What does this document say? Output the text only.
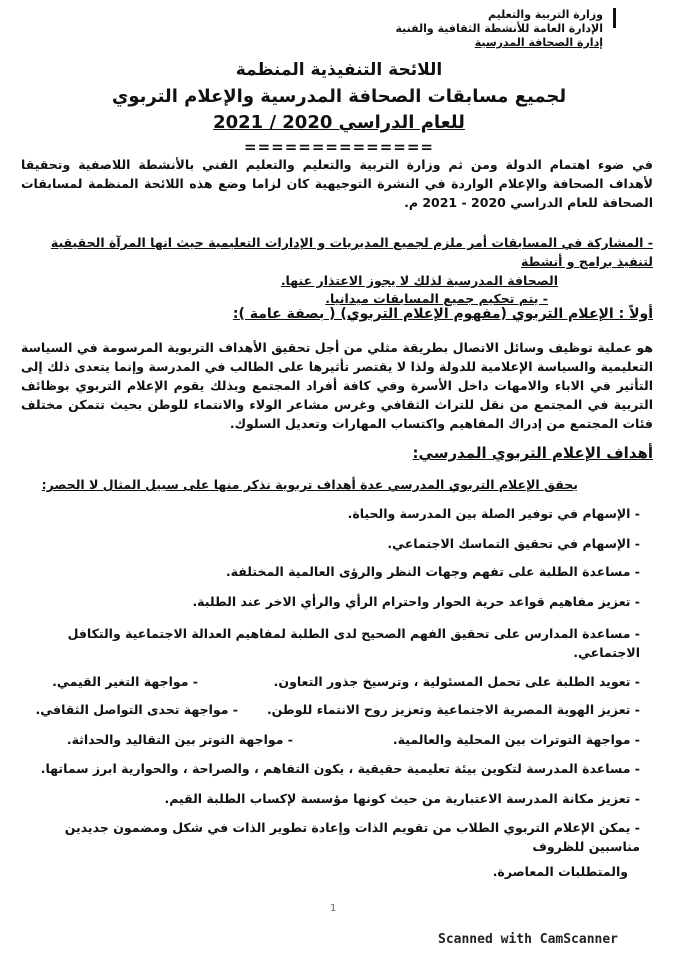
وزارة التربية والتعليم
الإدارة العامة للأنشطة الثقافية والفنية
إدارة الصحافة المدرسية
اللائحة التنفيذية المنظمة
لجميع مسابقات الصحافة المدرسية والإعلام التربوي
للعام الدراسي 2020 / 2021
==============
في ضوء اهتمام الدولة ومن ثم وزارة التربية والتعليم والتعليم الفني بالأنشطة اللاصفية وتحقيقا لأهداف الصحافة والإعلام الواردة في النشرة التوجيهية كان لزاما وضع هذه اللائحة المنظمة لمسابقات الصحافة للعام الدراسي 2020 - 2021 م.
- المشاركة في المسابقات أمر ملزم لجميع المديريات و الإدارات التعليمية حيث انها المرآة الحقيقية لتنفيذ برامج و أنشطة
الصحافة المدرسية لذلك لا يجوز الاعتذار عنها.
- يتم تحكيم جميع المسابقات ميدانيا.
أولاً : الإعلام التربوي (مفهوم الإعلام التربوي) ( بصفة عامة ):
هو عملية توظيف وسائل الاتصال بطريقة مثلي من أجل تحقيق الأهداف التربوية المرسومة في السياسة التعليمية والسياسة الإعلامية للدولة ولذا لا يقتصر تأثيرها على الطالب في المدرسة وإنما يتعدى ذلك إلى التأثير في الاباء والامهات داخل الأسرة وفي كافة أفراد المجتمع وبذلك يقوم الإعلام التربوي بوظائف التربية في المجتمع من نقل للتراث الثقافي وغرس مشاعر الولاء والانتماء للوطن بحيث تتمكن مختلف فئات المجتمع من إدراك المفاهيم واكتساب المهارات وتعديل السلوك.
أهداف الإعلام التربوي المدرسي:
يحقق الإعلام التربوي المدرسي عدة أهداف تربوية نذكر منها على سبيل المثال لا الحصر:
- الإسهام في توفير الصلة بين المدرسة والحياة.
- الإسهام في تحقيق التماسك الاجتماعي.
- مساعدة الطلبة على تفهم وجهات النظر والرؤى العالمية المختلفة.
- تعزيز مفاهيم قواعد حرية الحوار واحترام الرأي والرأي الاخر عند الطلبة.
- مساعدة المدارس على تحقيق الفهم الصحيح لدى الطلبة لمفاهيم العدالة الاجتماعية والتكافل الاجتماعي.
- تعويد الطلبة على تحمل المسئولية ، وترسيخ جذور التعاون.
- تعزيز الهوية المصرية الاجتماعية وتعزيز روح الانتماء للوطن.
- مواجهة التوترات بين المحلية والعالمية.
- مساعدة المدرسة لتكوين بيئة تعليمية حقيقية ، يكون التفاهم ، والصراحة ، والحوارية ابرز سماتها.
- تعزيز مكانة المدرسة الاعتبارية من حيث كونها مؤسسة لإكساب الطلبة القيم.
- يمكن الإعلام التربوي الطلاب من تقويم الذات وإعادة تطوير الذات في شكل ومضمون جديدين مناسبين للظروف
والمتطلبات المعاصرة.
- مواجهة التغير القيمي.
- مواجهة تحدى التواصل الثقافي.
- مواجهة التوتر بين التقاليد والحداثة.
1
Scanned with CamScanner
